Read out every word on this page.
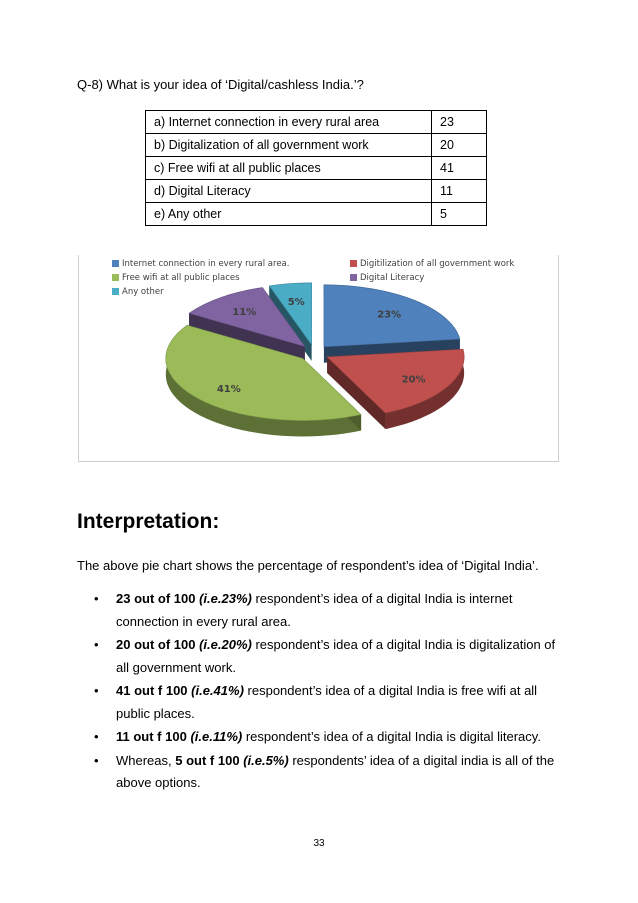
Q-8) What is your idea of ‘Digital/cashless India.’?
a) Internet connection in every rural area	23
b) Digitalization of all government work	20
c) Free wifi at all public places	41
d) Digital Literacy	11
e) Any other	5
Internet connection in every rural area.	Digitilization of all government work
Free wifi at all public places	Digital Literacy
Any other
23%
20%
41%
11%
5%
Interpretation:
The above pie chart shows the percentage of respondent’s idea of ‘Digital India’.
• 23 out of 100 (i.e.23%) respondent’s idea of a digital India is internet connection in every rural area.
• 20 out of 100 (i.e.20%) respondent’s idea of a digital India is digitalization of all government work.
• 41 out f 100 (i.e.41%) respondent’s idea of a digital India is free wifi at all public places.
• 11 out f 100 (i.e.11%) respondent’s idea of a digital India is digital literacy.
• Whereas, 5 out f 100 (i.e.5%) respondents’ idea of a digital india is all of the above options.
33
